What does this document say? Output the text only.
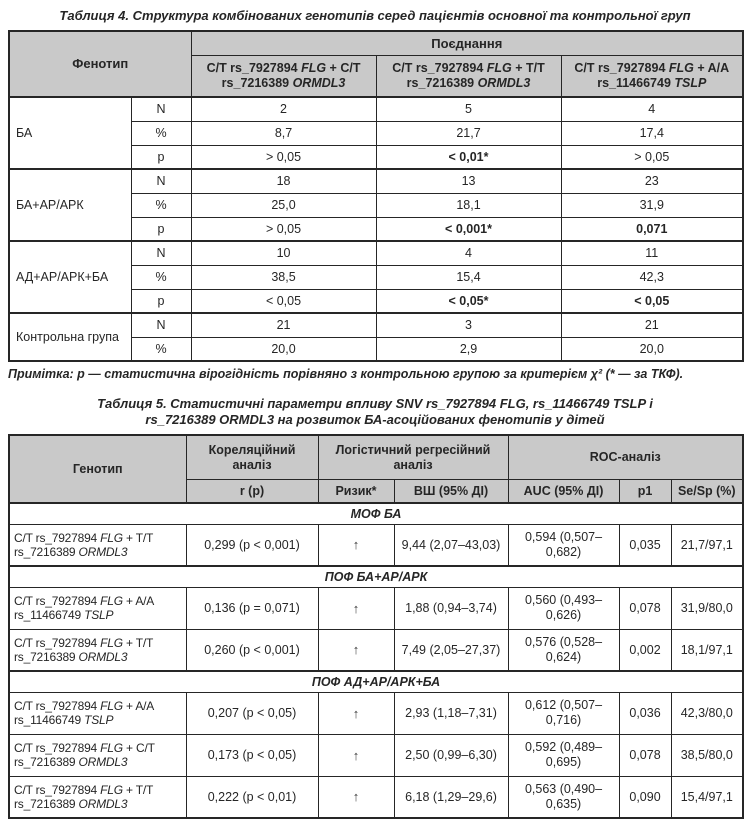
Таблиця 4. Структура комбінованих генотипів серед пацієнтів основної та контрольної груп
Фенотип		Поєднання		
		C/T rs_7927894 FLG + C/T rs_7216389 ORMDL3	C/T rs_7927894 FLG + T/T rs_7216389 ORMDL3	C/T rs_7927894 FLG + A/A rs_11466749 TSLP
БА	N	2	5	4
	%	8,7	21,7	17,4
	p	> 0,05	< 0,01*	> 0,05
БА+АР/АРК	N	18	13	23
	%	25,0	18,1	31,9
	p	> 0,05	< 0,001*	0,071
АД+АР/АРК+БА	N	10	4	11
	%	38,5	15,4	42,3
	p	< 0,05	< 0,05*	< 0,05
Контрольна група	N	21	3	21
	%	20,0	2,9	20,0
Примітка: р — статистична вірогідність порівняно з контрольною групою за критерієм χ² (* — за ТКФ).
Таблиця 5. Статистичні параметри впливу SNV rs_7927894 FLG, rs_11466749 TSLP і rs_7216389 ORMDL3 на розвиток БА-асоційованих фенотипів у дітей
Генотип	Кореляційний аналіз	Логістичний регресійний аналіз		ROC-аналіз		
	r (p)	Ризик*	ВШ (95% ДІ)	AUC (95% ДІ)	p1	Se/Sp (%)
МОФ БА						
C/T rs_7927894 FLG + T/T rs_7216389 ORMDL3	0,299 (p < 0,001)	↑	9,44 (2,07–43,03)	0,594 (0,507–0,682)	0,035	21,7/97,1
ПОФ БА+АР/АРК						
C/T rs_7927894 FLG + A/A rs_11466749 TSLP	0,136 (p = 0,071)	↑	1,88 (0,94–3,74)	0,560 (0,493–0,626)	0,078	31,9/80,0
C/T rs_7927894 FLG + T/T rs_7216389 ORMDL3	0,260 (p < 0,001)	↑	7,49 (2,05–27,37)	0,576 (0,528–0,624)	0,002	18,1/97,1
ПОФ АД+АР/АРК+БА						
C/T rs_7927894 FLG + A/A rs_11466749 TSLP	0,207 (p < 0,05)	↑	2,93 (1,18–7,31)	0,612 (0,507–0,716)	0,036	42,3/80,0
C/T rs_7927894 FLG + C/T rs_7216389 ORMDL3	0,173 (p < 0,05)	↑	2,50 (0,99–6,30)	0,592 (0,489–0,695)	0,078	38,5/80,0
C/T rs_7927894 FLG + T/T rs_7216389 ORMDL3	0,222 (p < 0,01)	↑	6,18 (1,29–29,6)	0,563 (0,490–0,635)	0,090	15,4/97,1
